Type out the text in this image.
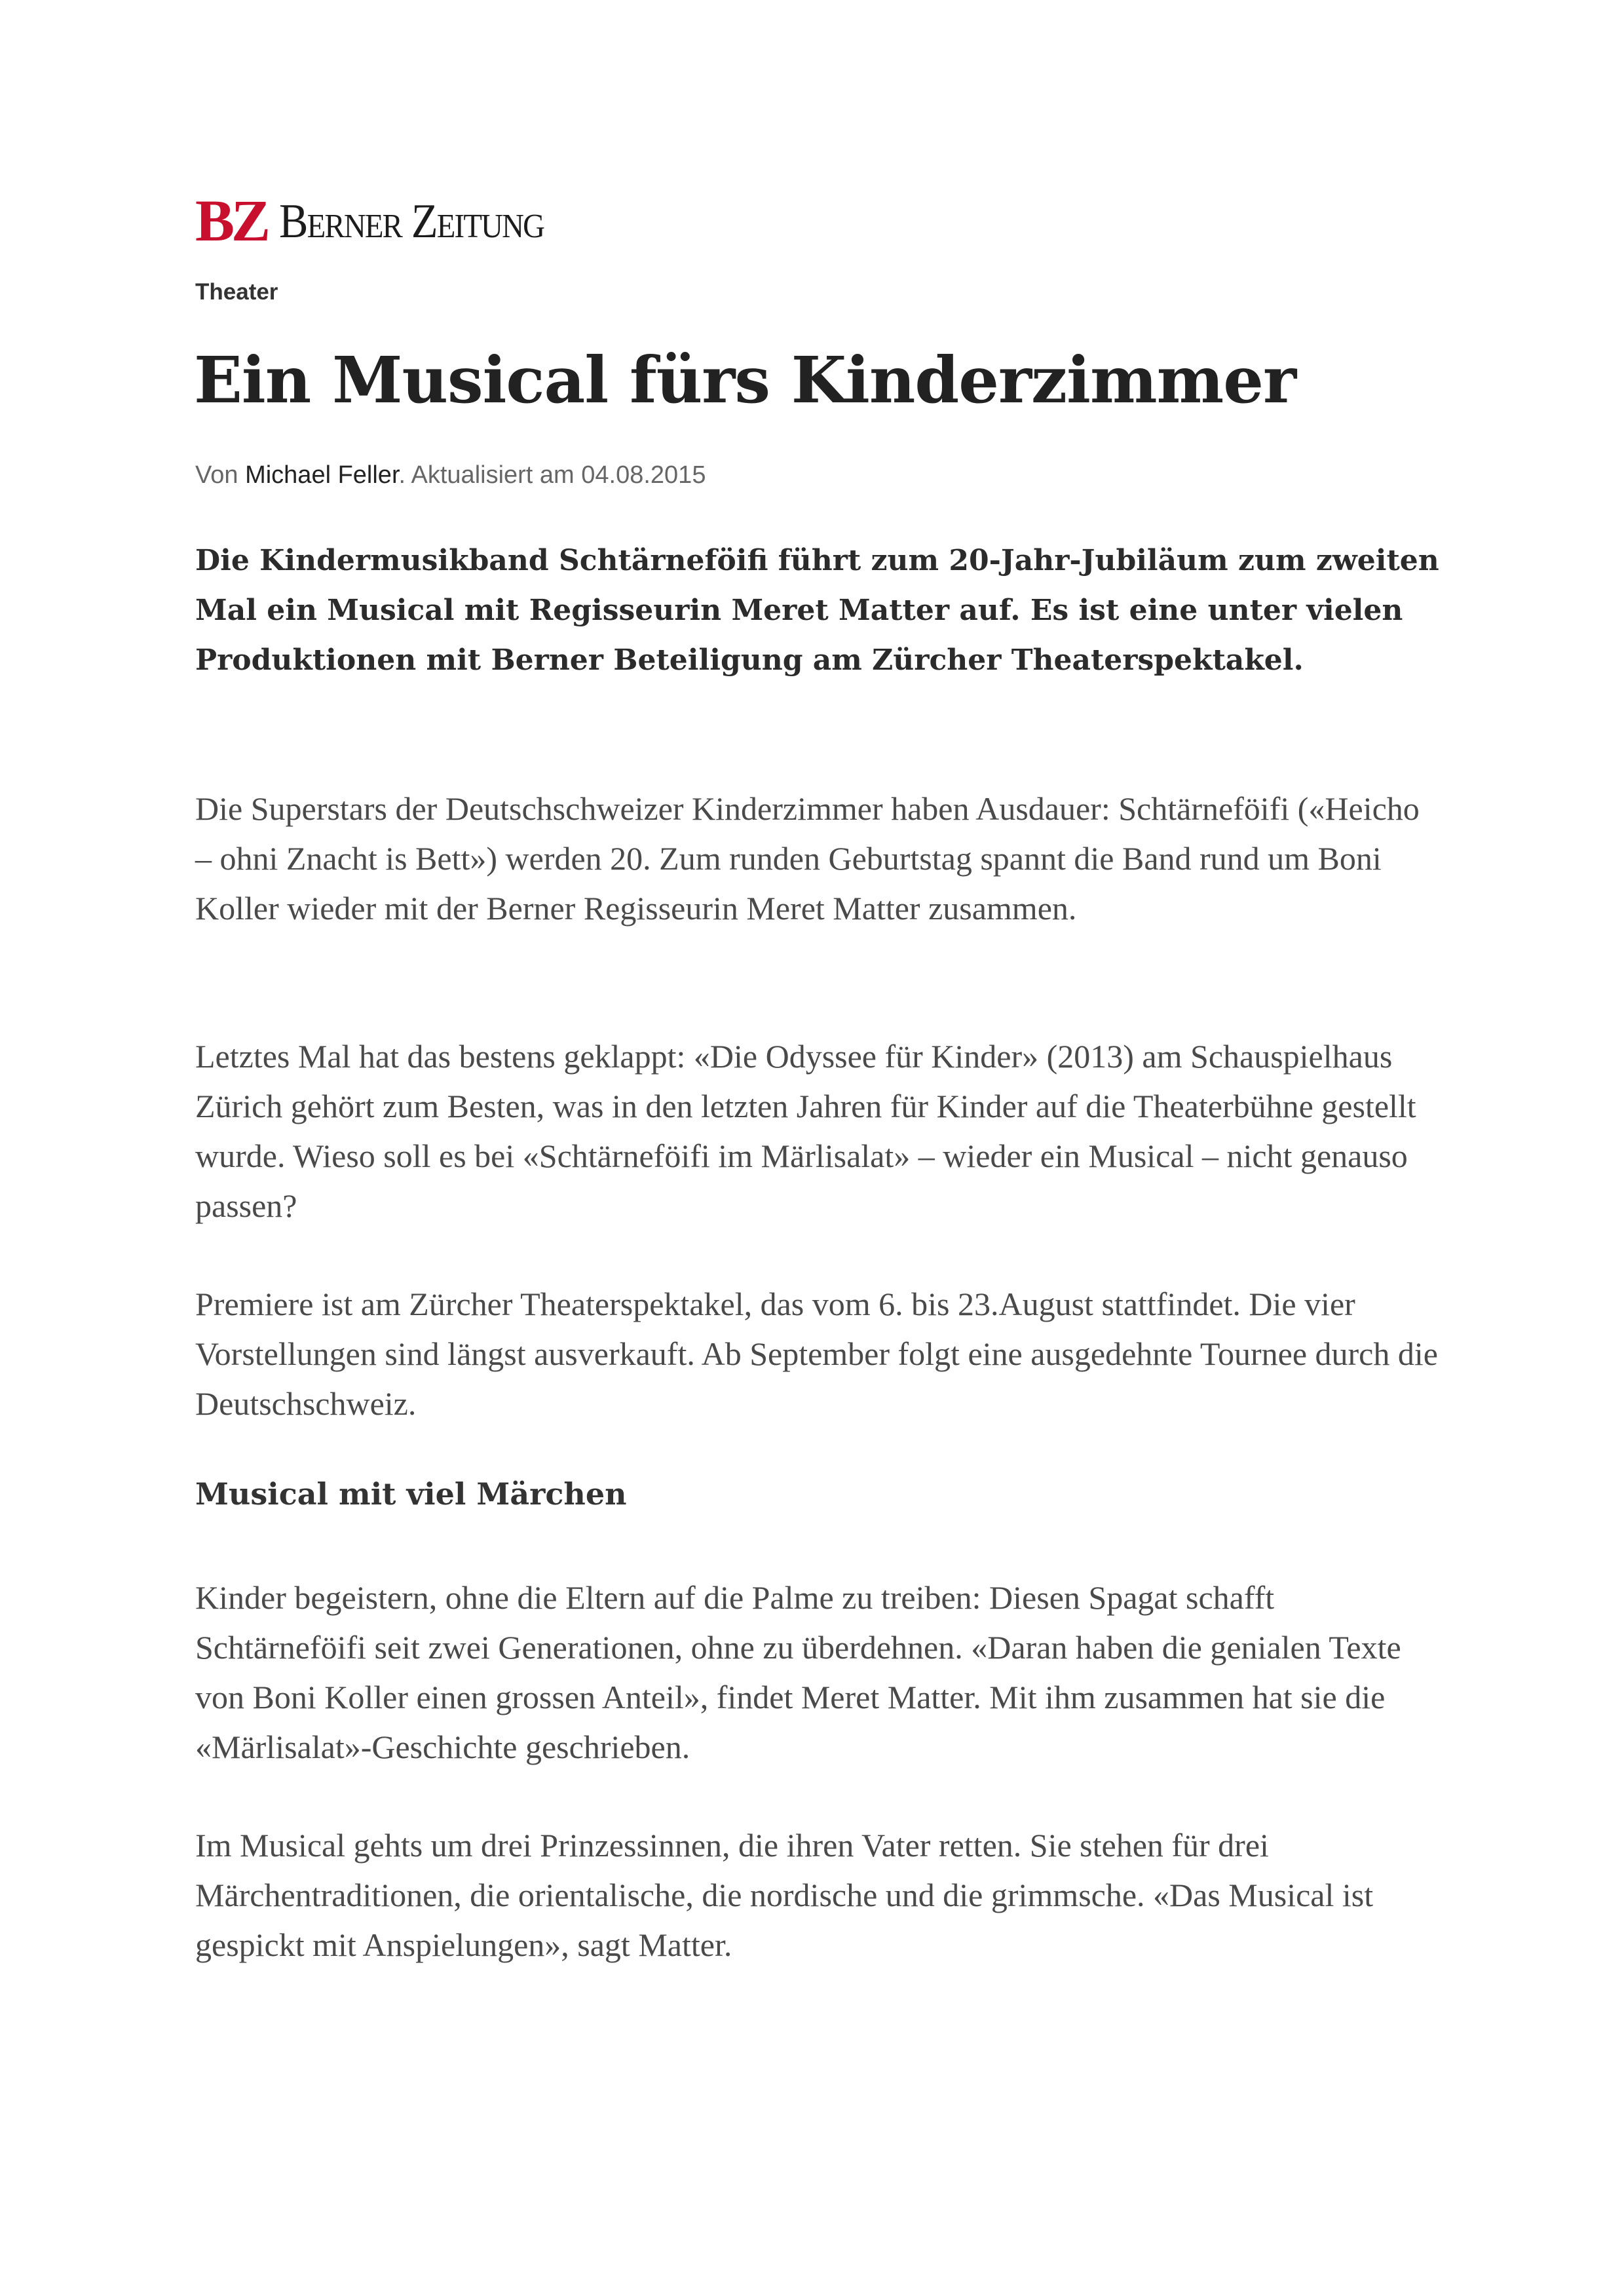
BZ Berner Zeitung
Theater
Ein Musical fürs Kinderzimmer
Von Michael Feller. Aktualisiert am 04.08.2015

Die Kindermusikband Schtärneföifi führt zum 20-Jahr-Jubiläum zum zweiten Mal ein Musical mit Regisseurin Meret Matter auf. Es ist eine unter vielen Produktionen mit Berner Beteiligung am Zürcher Theaterspektakel.

Die Superstars der Deutschschweizer Kinderzimmer haben Ausdauer: Schtärneföifi («Heicho – ohni Znacht is Bett») werden 20. Zum runden Geburtstag spannt die Band rund um Boni Koller wieder mit der Berner Regisseurin Meret Matter zusammen.

Letztes Mal hat das bestens geklappt: «Die Odyssee für Kinder» (2013) am Schauspielhaus Zürich gehört zum Besten, was in den letzten Jahren für Kinder auf die Theaterbühne gestellt wurde. Wieso soll es bei «Schtärneföifi im Märlisalat» – wieder ein Musical – nicht genauso passen?

Premiere ist am Zürcher Theaterspektakel, das vom 6. bis 23.August stattfindet. Die vier Vorstellungen sind längst ausverkauft. Ab September folgt eine ausgedehnte Tournee durch die Deutschschweiz.

Musical mit viel Märchen

Kinder begeistern, ohne die Eltern auf die Palme zu treiben: Diesen Spagat schafft Schtärneföifi seit zwei Generationen, ohne zu überdehnen. «Daran haben die genialen Texte von Boni Koller einen grossen Anteil», findet Meret Matter. Mit ihm zusammen hat sie die «Märlisalat»-Geschichte geschrieben.

Im Musical gehts um drei Prinzessinnen, die ihren Vater retten. Sie stehen für drei Märchentraditionen, die orientalische, die nordische und die grimmsche. «Das Musical ist gespickt mit Anspielungen», sagt Matter.
